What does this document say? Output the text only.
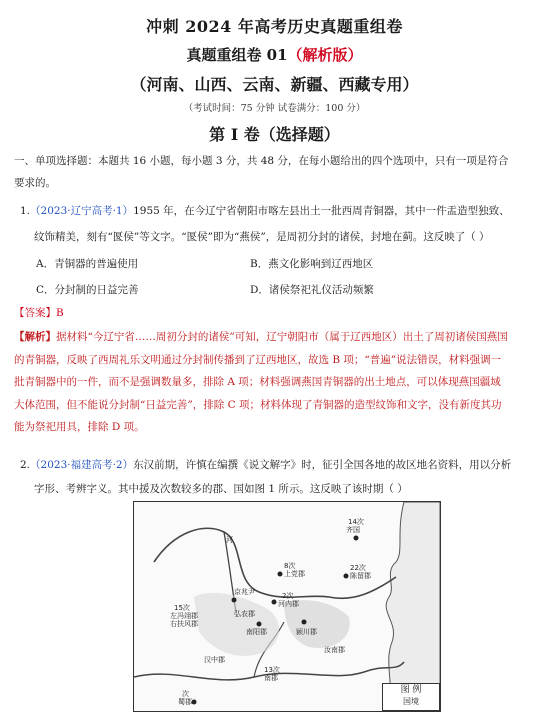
冲刺 2024 年高考历史真题重组卷
真题重组卷 01（解析版）
（河南、山西、云南、新疆、西藏专用）
（考试时间：75 分钟 试卷满分：100 分）
第 I 卷（选择题）
一、单项选择题：本题共 16 小题，每小题 3 分，共 48 分，在每小题给出的四个选项中，只有一项是符合
要求的。
1.（2023·辽宁高考·1）1955 年，在今辽宁省朝阳市喀左县出土一批西周青铜器，其中一件盂造型独致、
纹饰精美，刻有“匽侯”等文字。“匽侯”即为“燕侯”，是周初分封的诸侯，封地在蓟。这反映了（ ）
A．青铜器的普遍使用	B．燕文化影响到辽西地区
C．分封制的日益完善	D．诸侯祭祀礼仪活动频繁
【答案】B
【解析】据材料“今辽宁省……周初分封的诸侯”可知，辽宁朝阳市（属于辽西地区）出土了周初诸侯国燕国
的青铜器，反映了西周礼乐文明通过分封制传播到了辽西地区，故选 B 项；“普遍”说法错误，材料强调一
批青铜器中的一件，而不是强调数量多，排除 A 项；材料强调燕国青铜器的出土地点，可以体现燕国疆域
大体范围，但不能说分封制“日益完善”，排除 C 项；材料体现了青铜器的造型纹饰和文字，没有新度其功
能为祭祀用具，排除 D 项。
2.（2023·福建高考·2）东汉前期，许慎在编撰《说文解字》时，征引全国各地的故区地名资料，用以分析
字形、考辨字义。其中援及次数较多的郡、国如图 1 所示。这反映了该时期（ ）
14次齐国
8次上党郡
22次陈留郡
15次左冯翊郡右扶风郡
京兆尹
弘农郡
2次河内郡
南阳郡	颍川郡
汝南郡
13次南郡
次蜀郡
汉中郡
河
图 例
国境
